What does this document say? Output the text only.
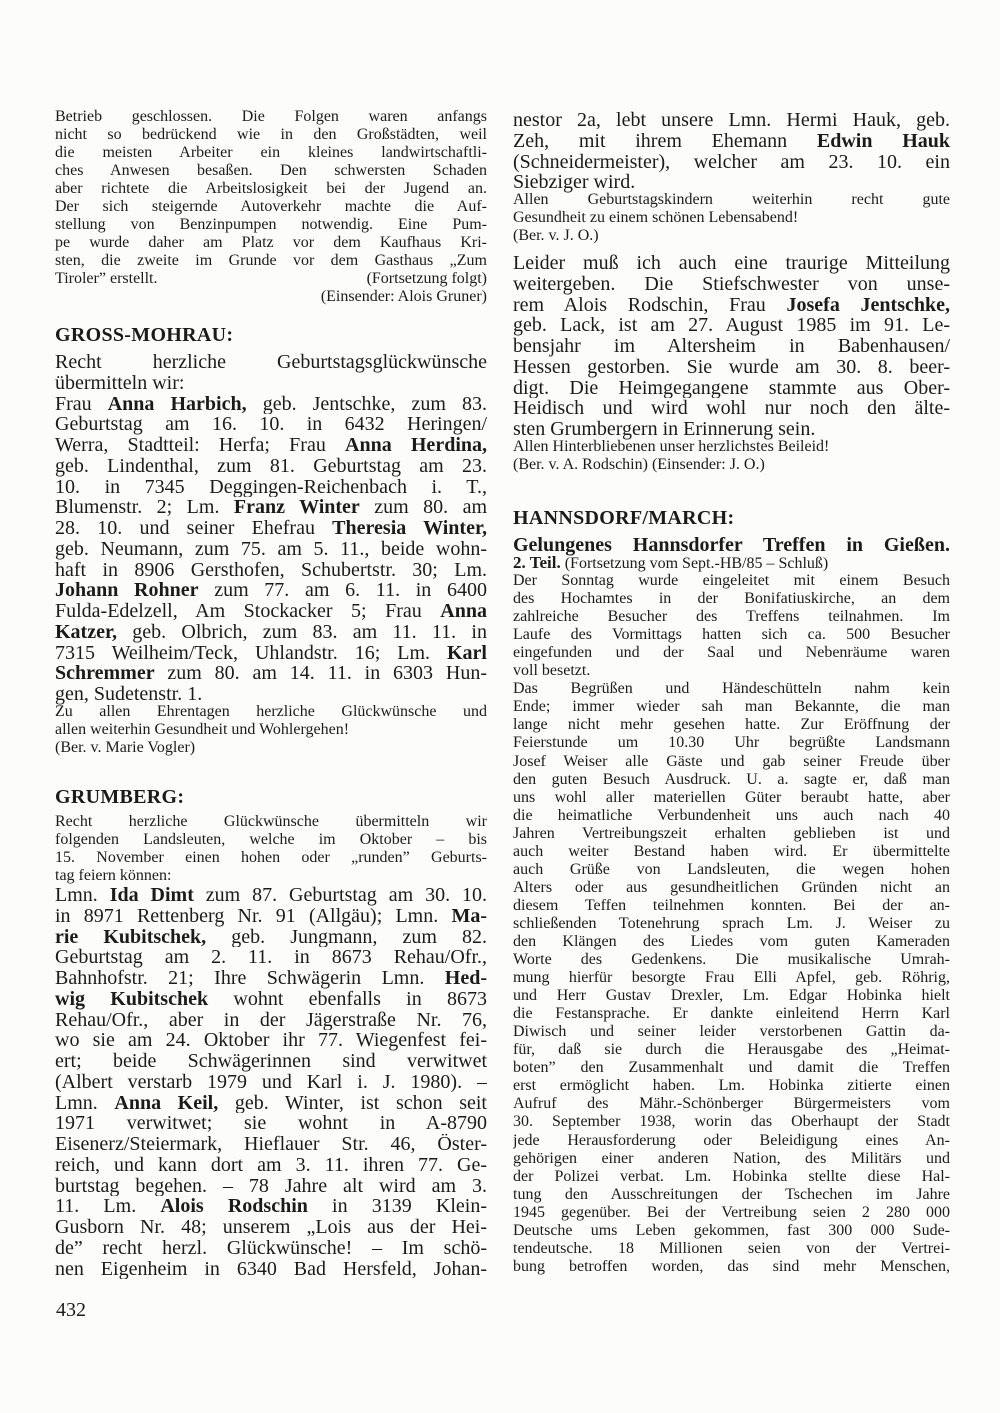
Betrieb geschlossen. Die Folgen waren anfangs
nicht so bedrückend wie in den Großstädten, weil
die meisten Arbeiter ein kleines landwirtschaftli-
ches Anwesen besaßen. Den schwersten Schaden
aber richtete die Arbeitslosigkeit bei der Jugend an.
Der sich steigernde Autoverkehr machte die Auf-
stellung von Benzinpumpen notwendig. Eine Pum-
pe wurde daher am Platz vor dem Kaufhaus Kri-
sten, die zweite im Grunde vor dem Gasthaus „Zum
Tiroler” erstellt.	(Fortsetzung folgt)
(Einsender: Alois Gruner)
GROSS-MOHRAU:
Recht herzliche Geburtstagsglückwünsche
übermitteln wir:
Frau Anna Harbich, geb. Jentschke, zum 83.
Geburtstag am 16. 10. in 6432 Heringen/
Werra, Stadtteil: Herfa; Frau Anna Herdina,
geb. Lindenthal, zum 81. Geburtstag am 23.
10. in 7345 Deggingen-Reichenbach i. T.,
Blumenstr. 2; Lm. Franz Winter zum 80. am
28. 10. und seiner Ehefrau Theresia Winter,
geb. Neumann, zum 75. am 5. 11., beide wohn-
haft in 8906 Gersthofen, Schubertstr. 30; Lm.
Johann Rohner zum 77. am 6. 11. in 6400
Fulda-Edelzell, Am Stockacker 5; Frau Anna
Katzer, geb. Olbrich, zum 83. am 11. 11. in
7315 Weilheim/Teck, Uhlandstr. 16; Lm. Karl
Schremmer zum 80. am 14. 11. in 6303 Hun-
gen, Sudetenstr. 1.
Zu allen Ehrentagen herzliche Glückwünsche und
allen weiterhin Gesundheit und Wohlergehen!
(Ber. v. Marie Vogler)
GRUMBERG:
Recht herzliche Glückwünsche übermitteln wir
folgenden Landsleuten, welche im Oktober – bis
15. November einen hohen oder „runden” Geburts-
tag feiern können:
Lmn. Ida Dimt zum 87. Geburtstag am 30. 10.
in 8971 Rettenberg Nr. 91 (Allgäu); Lmn. Ma-
rie Kubitschek, geb. Jungmann, zum 82.
Geburtstag am 2. 11. in 8673 Rehau/Ofr.,
Bahnhofstr. 21; Ihre Schwägerin Lmn. Hed-
wig Kubitschek wohnt ebenfalls in 8673
Rehau/Ofr., aber in der Jägerstraße Nr. 76,
wo sie am 24. Oktober ihr 77. Wiegenfest fei-
ert; beide Schwägerinnen sind verwitwet
(Albert verstarb 1979 und Karl i. J. 1980). –
Lmn. Anna Keil, geb. Winter, ist schon seit
1971 verwitwet; sie wohnt in A-8790
Eisenerz/Steiermark, Hieflauer Str. 46, Öster-
reich, und kann dort am 3. 11. ihren 77. Ge-
burtstag begehen. – 78 Jahre alt wird am 3.
11. Lm. Alois Rodschin in 3139 Klein-
Gusborn Nr. 48; unserem „Lois aus der Hei-
de” recht herzl. Glückwünsche! – Im schö-
nen Eigenheim in 6340 Bad Hersfeld, Johan-
nestor 2a, lebt unsere Lmn. Hermi Hauk, geb.
Zeh, mit ihrem Ehemann Edwin Hauk
(Schneidermeister), welcher am 23. 10. ein
Siebziger wird.
Allen Geburtstagskindern weiterhin recht gute
Gesundheit zu einem schönen Lebensabend!
(Ber. v. J. O.)
Leider muß ich auch eine traurige Mitteilung
weitergeben. Die Stiefschwester von unse-
rem Alois Rodschin, Frau Josefa Jentschke,
geb. Lack, ist am 27. August 1985 im 91. Le-
bensjahr im Altersheim in Babenhausen/
Hessen gestorben. Sie wurde am 30. 8. beer-
digt. Die Heimgegangene stammte aus Ober-
Heidisch und wird wohl nur noch den älte-
sten Grumbergern in Erinnerung sein.
Allen Hinterbliebenen unser herzlichstes Beileid!
(Ber. v. A. Rodschin) (Einsender: J. O.)
HANNSDORF/MARCH:
Gelungenes Hannsdorfer Treffen in Gießen.
2. Teil. (Fortsetzung vom Sept.-HB/85 – Schluß)
Der Sonntag wurde eingeleitet mit einem Besuch
des Hochamtes in der Bonifatiuskirche, an dem
zahlreiche Besucher des Treffens teilnahmen. Im
Laufe des Vormittags hatten sich ca. 500 Besucher
eingefunden und der Saal und Nebenräume waren
voll besetzt.
Das Begrüßen und Händeschütteln nahm kein
Ende; immer wieder sah man Bekannte, die man
lange nicht mehr gesehen hatte. Zur Eröffnung der
Feierstunde um 10.30 Uhr begrüßte Landsmann
Josef Weiser alle Gäste und gab seiner Freude über
den guten Besuch Ausdruck. U. a. sagte er, daß man
uns wohl aller materiellen Güter beraubt hatte, aber
die heimatliche Verbundenheit uns auch nach 40
Jahren Vertreibungszeit erhalten geblieben ist und
auch weiter Bestand haben wird. Er übermittelte
auch Grüße von Landsleuten, die wegen hohen
Alters oder aus gesundheitlichen Gründen nicht an
diesem Teffen teilnehmen konnten. Bei der an-
schließenden Totenehrung sprach Lm. J. Weiser zu
den Klängen des Liedes vom guten Kameraden
Worte des Gedenkens. Die musikalische Umrah-
mung hierfür besorgte Frau Elli Apfel, geb. Röhrig,
und Herr Gustav Drexler, Lm. Edgar Hobinka hielt
die Festansprache. Er dankte einleitend Herrn Karl
Diwisch und seiner leider verstorbenen Gattin da-
für, daß sie durch die Herausgabe des „Heimat-
boten” den Zusammenhalt und damit die Treffen
erst ermöglicht haben. Lm. Hobinka zitierte einen
Aufruf des Mähr.-Schönberger Bürgermeisters vom
30. September 1938, worin das Oberhaupt der Stadt
jede Herausforderung oder Beleidigung eines An-
gehörigen einer anderen Nation, des Militärs und
der Polizei verbat. Lm. Hobinka stellte diese Hal-
tung den Ausschreitungen der Tschechen im Jahre
1945 gegenüber. Bei der Vertreibung seien 2 280 000
Deutsche ums Leben gekommen, fast 300 000 Sude-
tendeutsche. 18 Millionen seien von der Vertrei-
bung betroffen worden, das sind mehr Menschen,
432
